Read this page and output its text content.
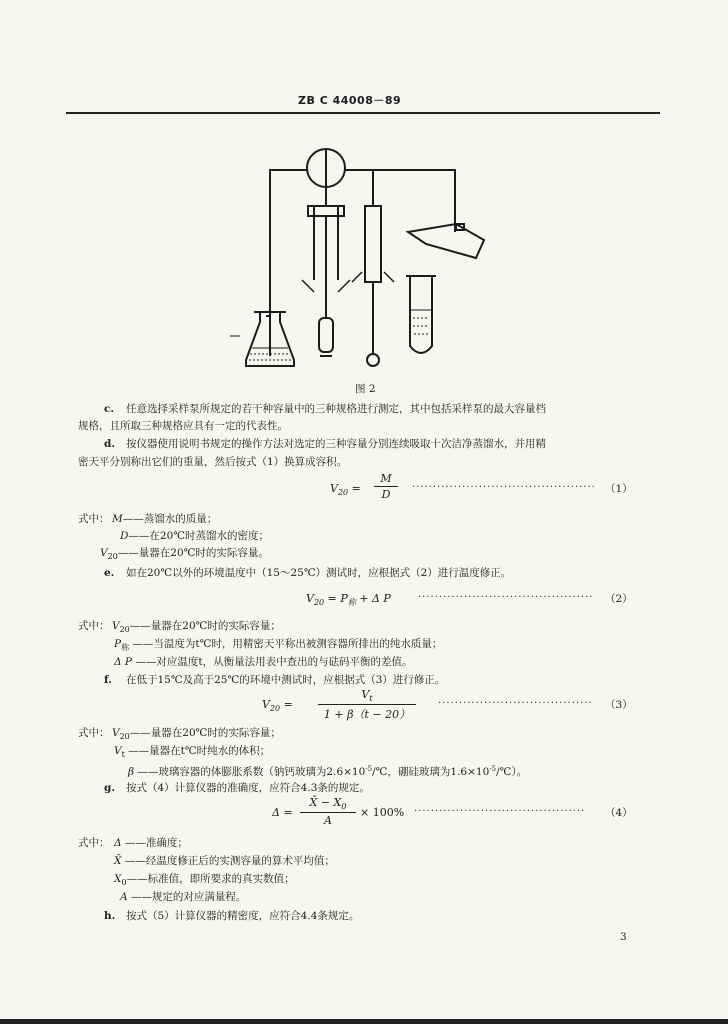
ZB C 44008－89
图 2
c. 任意选择采样泵所规定的若干种容量中的三种规格进行测定，其中包括采样泵的最大容量档
规格，且所取三种规格应具有一定的代表性。
d. 按仪器使用说明书规定的操作方法对选定的三种容量分别连续吸取十次洁净蒸馏水，并用精
密天平分别称出它们的重量，然后按式（1）换算成容积。
$V_{20}$ =
M
D
············································ （1）
式中： M——蒸馏水的质量；
D——在20℃时蒸馏水的密度；
$V_{20}——$量器在20℃时的实际容量。
e. 如在20℃以外的环境温度中（15～25℃）测试时，应根据式（2）进行温度修正。
$V_{20} = P_称 + \Delta$ P	·········································· （2）
式中： $V_{20}——$量器在20℃时的实际容量；
$P_称$ ——当温度为t℃时，用精密天平称出被测容器所排出的纯水质量；
Δ P ——对应温度t，从衡量法用表中查出的与砝码平衡的差值。
f. 在低于15℃及高于25℃的环境中测试时，应根据式（3）进行修正。
$V_{20}$ =
$V_t$
1 + β（t − 20）
·····································	（3）
式中： $V_{20}——$量器在20℃时的实际容量；
$V_t$ ——量器在t℃时纯水的体积；
β ——玻璃容器的体膨胀系数（钠钙玻璃为$2.6\times 10^{-5}/℃$，硼硅玻璃为$1.6\times 10^{-5}/℃$）。
g. 按式（4）计算仪器的准确度，应符合4.3条的规定。
Δ =
X̄ − $X_0$
A
× 100% ·········································	（4）
式中： Δ ——准确度；
X̄ ——经温度修正后的实测容量的算术平均值；
$X_0——$标准值，即所要求的真实数值；
A ——规定的对应满量程。
h. 按式（5）计算仪器的精密度，应符合4.4条规定。
3
